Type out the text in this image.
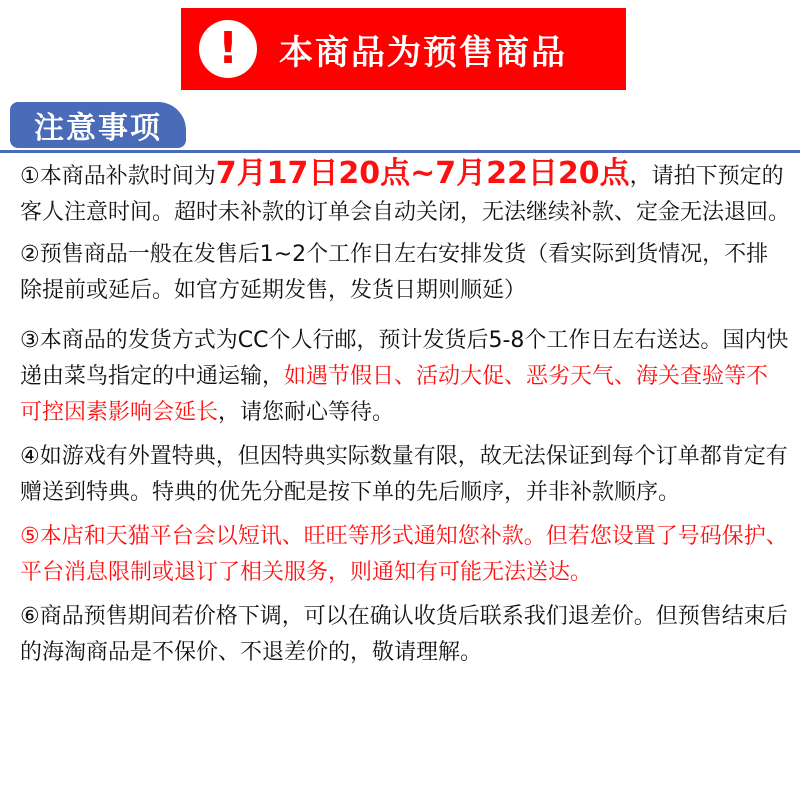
!	本商品为预售商品
注意事项

①本商品补款时间为7月17日20点~7月22日20点，请拍下预定的客人注意时间。超时未补款的订单会自动关闭，无法继续补款、定金无法退回。

②预售商品一般在发售后1~2个工作日左右安排发货（看实际到货情况，不排除提前或延后。如官方延期发售，发货日期则顺延）

③本商品的发货方式为CC个人行邮，预计发货后5-8个工作日左右送达。国内快递由菜鸟指定的中通运输，如遇节假日、活动大促、恶劣天气、海关查验等不可控因素影响会延长，请您耐心等待。

④如游戏有外置特典，但因特典实际数量有限，故无法保证到每个订单都肯定有赠送到特典。特典的优先分配是按下单的先后顺序，并非补款顺序。

⑤本店和天猫平台会以短讯、旺旺等形式通知您补款。但若您设置了号码保护、平台消息限制或退订了相关服务，则通知有可能无法送达。

⑥商品预售期间若价格下调，可以在确认收货后联系我们退差价。但预售结束后的海淘商品是不保价、不退差价的，敬请理解。
